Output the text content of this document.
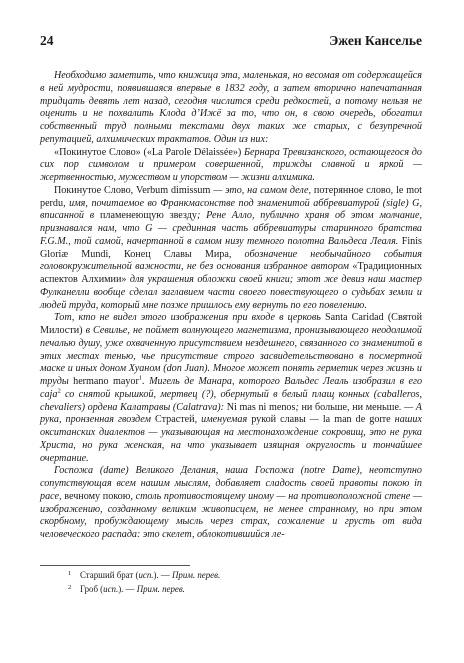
24	Эжен Канселье

Необходимо заметить, что книжица эта, маленькая, но весомая от содержащейся в ней мудрости, появившаяся впервые в 1832 году, а затем вторично напечатанная тридцать девять лет назад, сегодня числится среди редкостей, а потому нельзя не оценить и не похвалить Клода д’Ижё за то, что он, в свою очередь, обогатил собственный труд полными текстами двух таких же старых, с безупречной репутацией, алхимических трактатов. Один из них:

«Покинутое Слово» («La Parole Délaissée») Бернара Тревизанского, остающегося до сих пор символом и примером совершенной, трижды славной и яркой — жертвенностью, мужеством и упорством — жизни алхимика.

Покинутое Слово, Verbum dimissum — это, на самом деле, потерянное слово, le mot perdu, имя, почитаемое во Франкмасонстве под знаменитой аббревиатурой (sigle) G, вписанной в пламенеющую звезду; Рене Алло, публично храня об этом молчание, признавался нам, что G — срединная часть аббревиатуры старинного братства F.G.M., той самой, начертанной в самом низу темного полотна Вальдеса Леаля. Finis Gloriæ Mundi, Конец Славы Мира, обозначение необычайного события головокружительной важности, не без основания избранное автором «Традиционных аспектов Алхимии» для украшения обложки своей книги; этот же девиз наш мастер Фулканелли вообще сделал заглавием части своего повествующего о судьбах земли и людей труда, который мне позже пришлось ему вернуть по его повелению.

Тот, кто не видел этого изображения при входе в церковь Santa Caridad (Святой Милости) в Севилье, не поймет волнующего магнетизма, пронизывающего неодолимой печалью душу, уже охваченную присутствием нездешнего, связанного со знаменитой в этих местах тенью, чье присутствие строго засвидетельствовано в посмертной маске и иных доном Хуаном (don Juan). Многое может понять герметик через жизнь и труды hermano mayor$^1$. Мигель де Манара, которого Вальдес Леаль изобразил в его caja$^2$ со снятой крышкой, мертвец (?), обернутый в белый плащ конных (caballeros, chevaliers) ордена Калатравы (Calatrava): Ni mas ni menos; ни больше, ни меньше. — А рука, пронзенная гвоздем Страстей, именуемая рукой славы — la man de gorre наших окситанских диалектов — указывающая на местонахождение сокровищ, это не рука Христа, но рука женская, на что указывает изящная округлость и тончайшее очертание.

Госпожа (dame) Великого Делания, наша Госпожа (notre Dame), неотступно сопутствующая всем нашим мыслям, добавляет сладость своей правоты покою in расе, вечному покою, столь противостоящему иному — на противоположной стене — изображению, созданному великим живописцем, не менее странному, но при этом скорбному, пробуждающему мысль через страх, сожаление и грусть от вида человеческого распада: это скелет, облокотившийся ле-

1 Старший брат (исп.). — Прим. перев.
2 Гроб (исп.). — Прим. перев.
